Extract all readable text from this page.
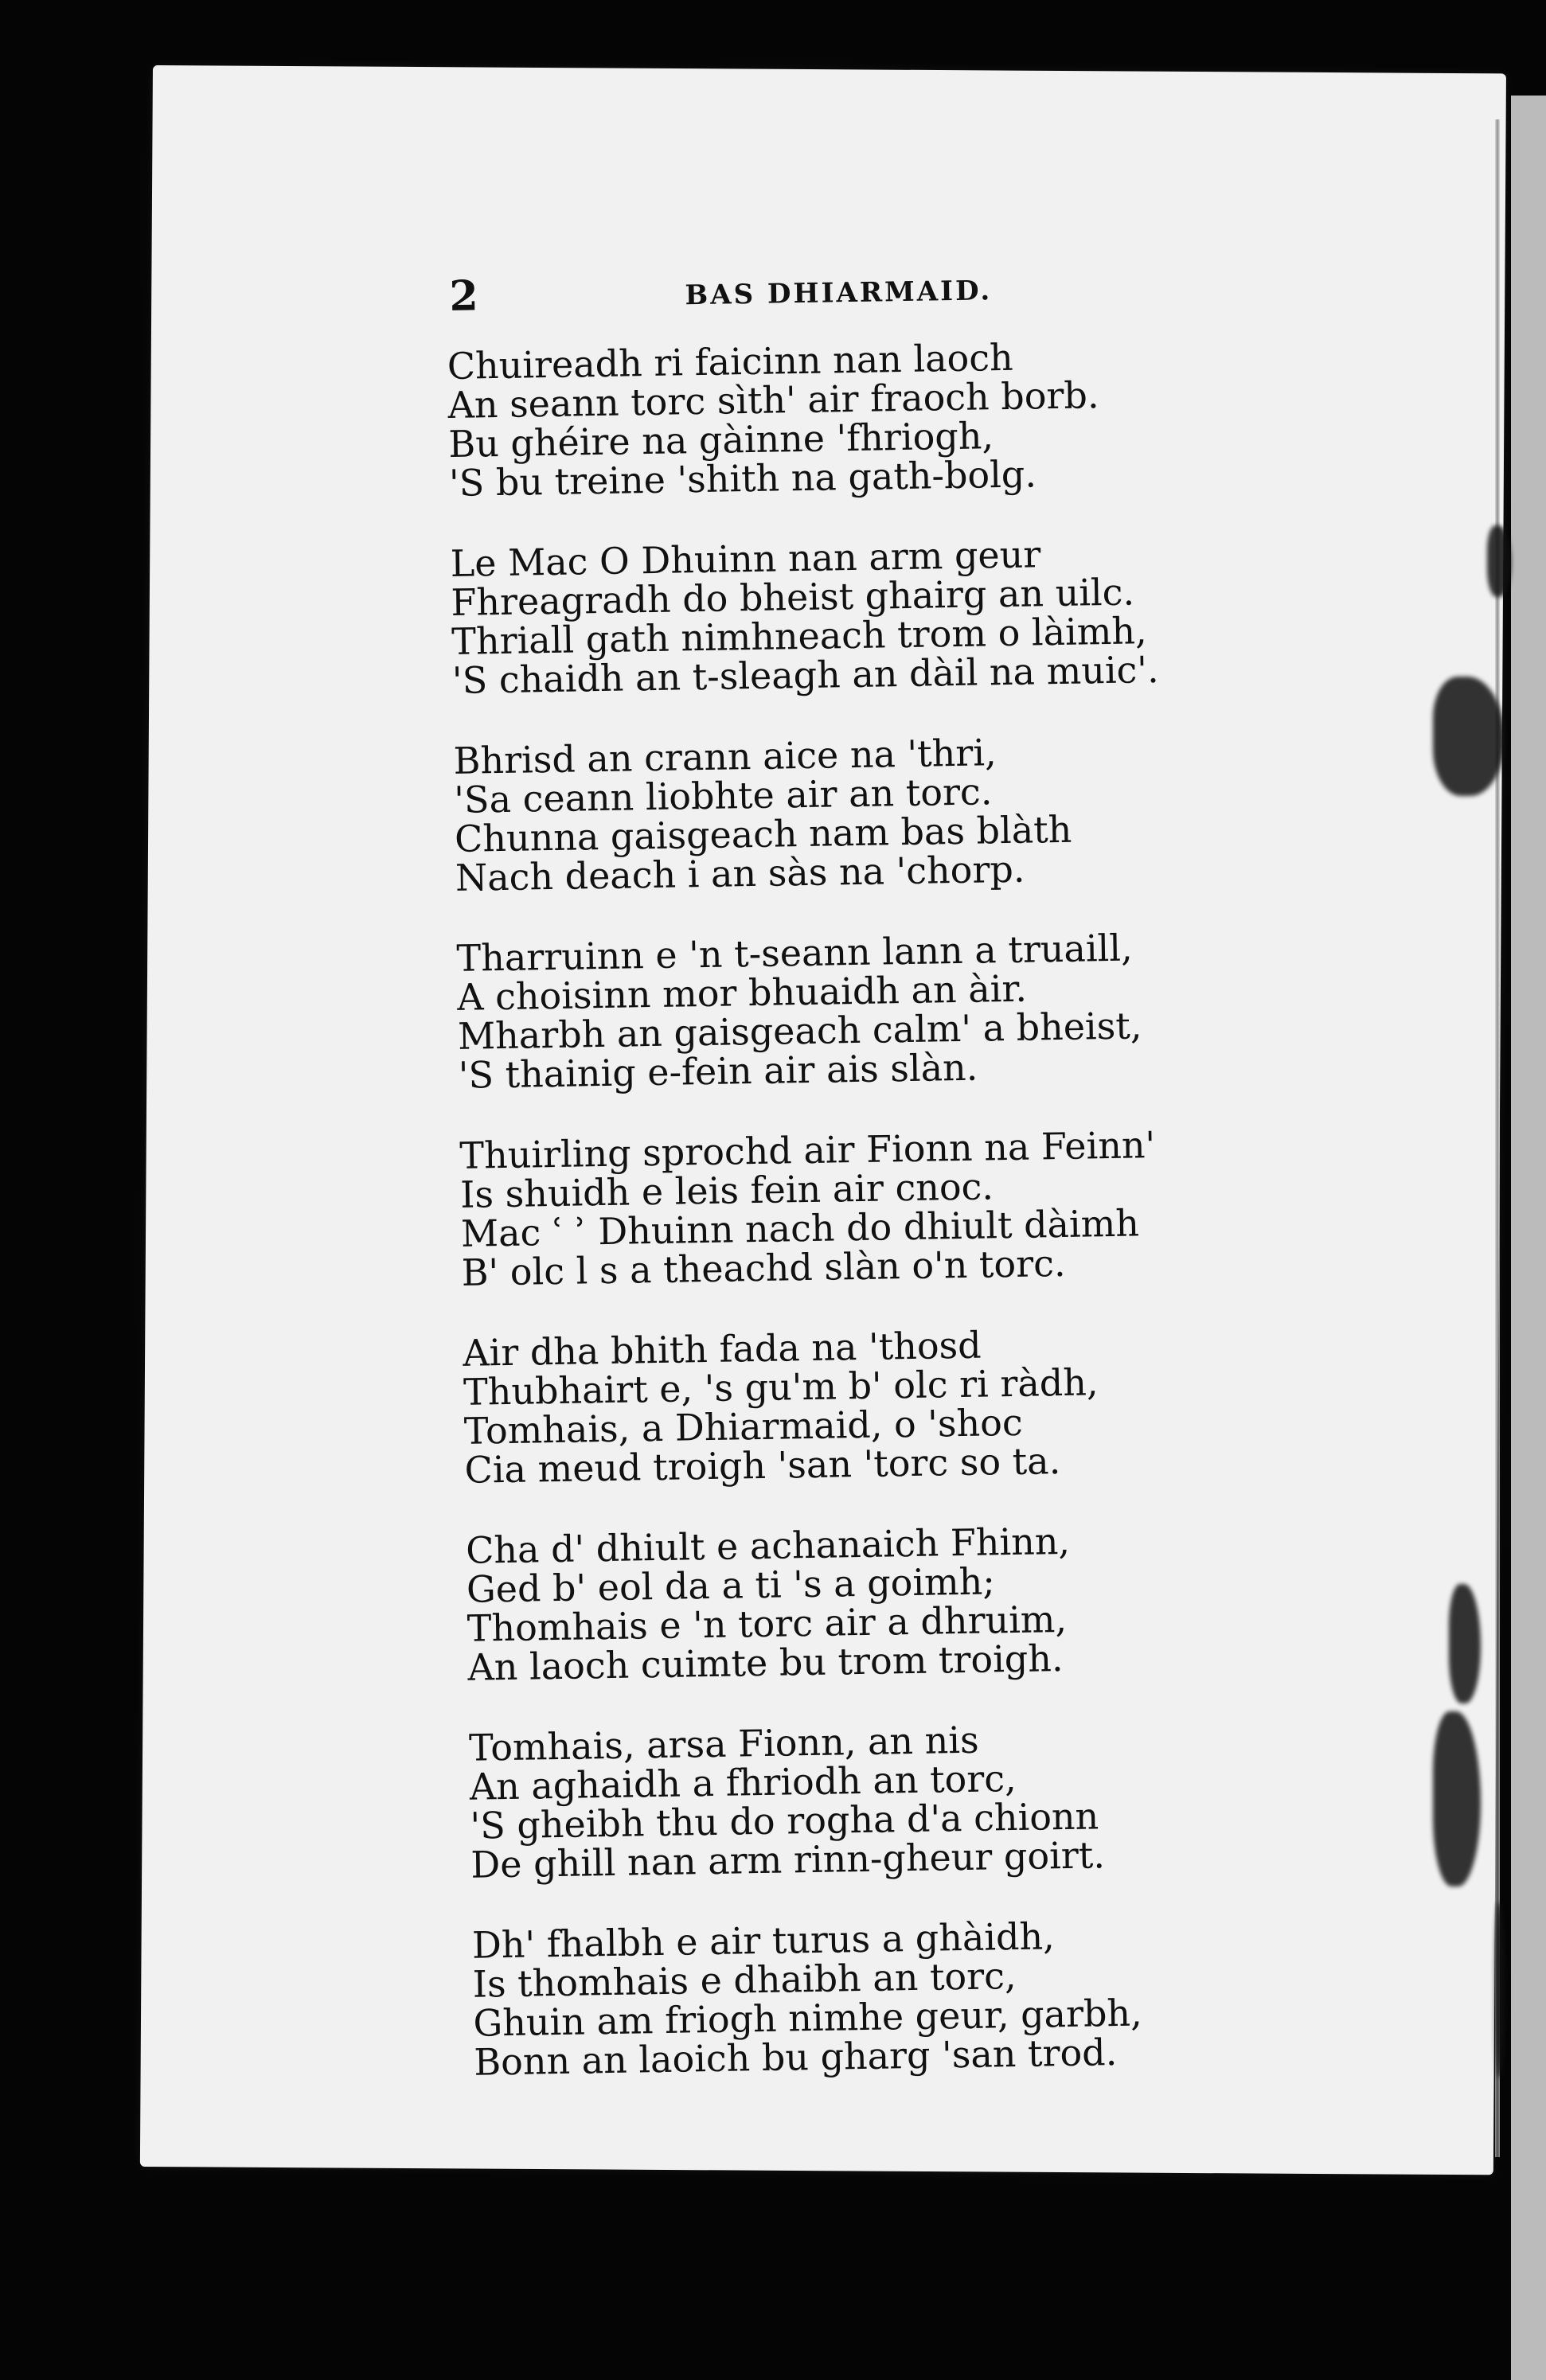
2	BAS DHIARMAID.
Chuireadh ri faicinn nan laoch
An seann torc sìth' air fraoch borb.
Bu ghéire na gàinne 'fhriogh,
'S bu treine 'shith na gath-bolg.
Le Mac O Dhuinn nan arm geur
Fhreagradh do bheist ghairg an uilc.
Thriall gath nimhneach trom o làimh,
'S chaidh an t-sleagh an dàil na muic'.
Bhrisd an crann aice na 'thri,
'Sa ceann liobhte air an torc.
Chunna gaisgeach nam bas blàth
Nach deach i an sàs na 'chorp.
Tharruinn e 'n t-seann lann a truaill,
A choisinn mor bhuaidh an àir.
Mharbh an gaisgeach calm' a bheist,
'S thainig e-fein air ais slàn.
Thuirling sprochd air Fionn na Feinn'
Is shuidh e leis fein air cnoc.
Mac ʿ ʾ Dhuinn nach do dhiult dàimh
B' olc l s a theachd slàn o'n torc.
Air dha bhith fada na 'thosd
Thubhairt e, 's gu'm b' olc ri ràdh,
Tomhais, a Dhiarmaid, o 'shoc
Cia meud troigh 'san 'torc so ta.
Cha d' dhiult e achanaich Fhinn,
Ged b' eol da a ti 's a goimh;
Thomhais e 'n torc air a dhruim,
An laoch cuimte bu trom troigh.
Tomhais, arsa Fionn, an nis
An aghaidh a fhriodh an torc,
'S gheibh thu do rogha d'a chionn
De ghill nan arm rinn-gheur goirt.
Dh' fhalbh e air turus a ghàidh,
Is thomhais e dhaibh an torc,
Ghuin am friogh nimhe geur, garbh,
Bonn an laoich bu gharg 'san trod.
